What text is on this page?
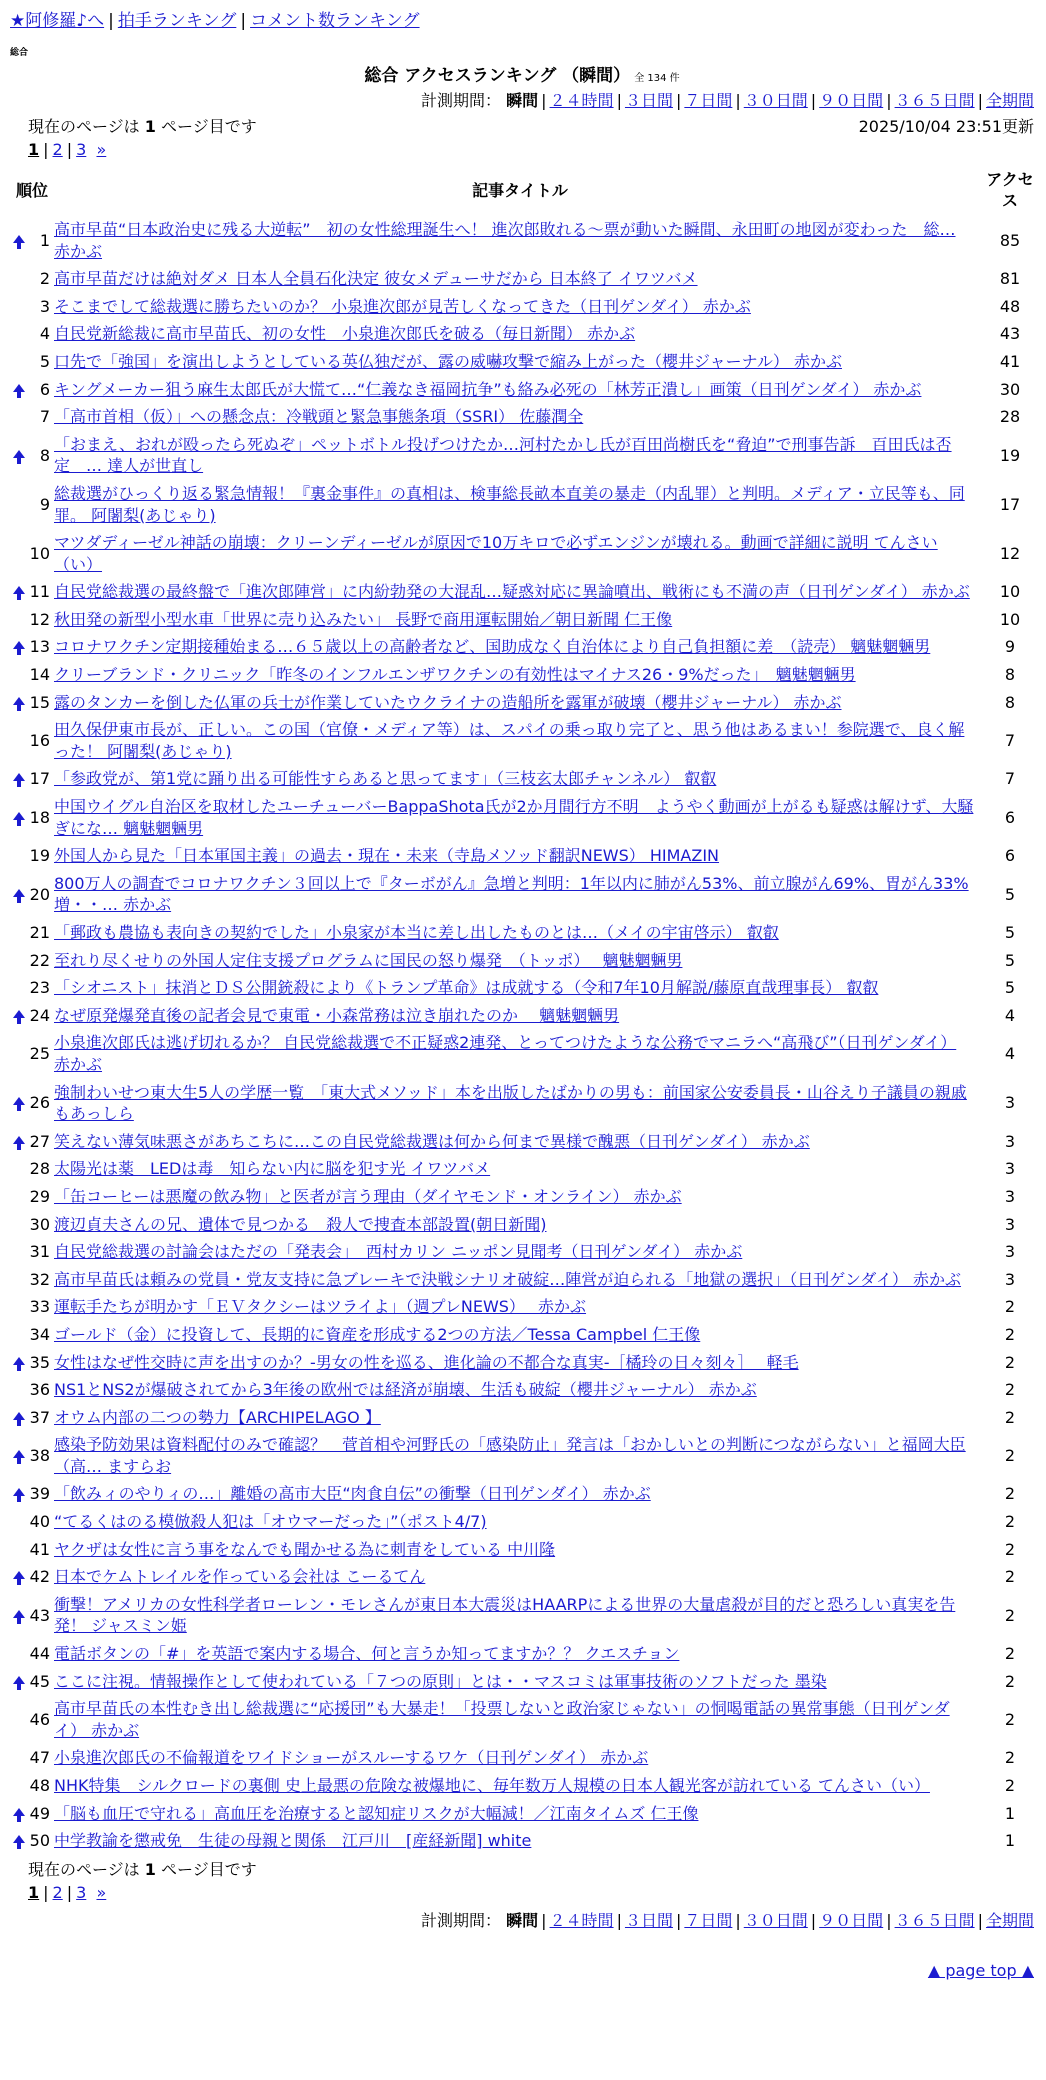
★阿修羅♪へ | 拍手ランキング | コメント数ランキング
総合
総合 アクセスランキング （瞬間） 全 134 件
計測期間： 瞬間 | ２４時間 | ３日間 | ７日間 | ３０日間 | ９０日間 | ３６５日間 | 全期間
現在のページは 1 ページ目です	2025/10/04 23:51更新
1 | 2 | 3 »
順位		記事タイトル	アクセス
	1	高市早苗“日本政治史に残る大逆転”　初の女性総理誕生へ！ 進次郎敗れる～票が動いた瞬間、永田町の地図が変わった　総… 赤かぶ	85
	2	高市早苗だけは絶対ダメ 日本人全員石化決定 彼女メデューサだから 日本終了 イワツバメ	81
	3	そこまでして総裁選に勝ちたいのか？ 小泉進次郎が見苦しくなってきた（日刊ゲンダイ） 赤かぶ	48
	4	自民党新総裁に高市早苗氏、初の女性　小泉進次郎氏を破る（毎日新聞） 赤かぶ	43
	5	口先で「強国」を演出しようとしている英仏独だが、露の威嚇攻撃で縮み上がった（櫻井ジャーナル） 赤かぶ	41
	6	キングメーカー狙う麻生太郎氏が大慌て…“仁義なき福岡抗争”も絡み必死の「林芳正潰し」画策（日刊ゲンダイ） 赤かぶ	30
	7	「高市首相（仮）」への懸念点：冷戦頭と緊急事態条項（SSRI） 佐藤潤全	28
	8	「おまえ、おれが殴ったら死ぬぞ」ペットボトル投げつけたか…河村たかし氏が百田尚樹氏を“脅迫”で刑事告訴　百田氏は否定　… 達人が世直し	19
	9	総裁選がひっくり返る緊急情報！『裏金事件』の真相は、検事総長畝本直美の暴走（内乱罪）と判明。メディア・立民等も、同罪。 阿闍梨(あじゃり)	17
	10	マツダディーゼル神話の崩壊：クリーンディーゼルが原因で10万キロで必ずエンジンが壊れる。動画で詳細に説明 てんさい（い）	12
	11	自民党総裁選の最終盤で「進次郎陣営」に内紛勃発の大混乱…疑惑対応に異論噴出、戦術にも不満の声（日刊ゲンダイ） 赤かぶ	10
	12	秋田発の新型小型水車「世界に売り込みたい」 長野で商用運転開始／朝日新聞 仁王像	10
	13	コロナワクチン定期接種始まる…６５歳以上の高齢者など、国助成なく自治体により自己負担額に差　（読売） 魑魅魍魎男	9
	14	クリーブランド・クリニック「昨冬のインフルエンザワクチンの有効性はマイナス26・9%だった」　魑魅魍魎男	8
	15	露のタンカーを倒した仏軍の兵士が作業していたウクライナの造船所を露軍が破壊（櫻井ジャーナル） 赤かぶ	8
	16	田久保伊東市長が、正しい。この国（官僚・メディア等）は、スパイの乗っ取り完了と、思う他はあるまい！参院選で、良く解った！ 阿闍梨(あじゃり)	7
	17	「参政党が、第1党に踊り出る可能性すらあると思ってます」（三枝玄太郎チャンネル） 叡叡	7
	18	中国ウイグル自治区を取材したユーチューバーBappaShota氏が2か月間行方不明　ようやく動画が上がるも疑惑は解けず、大騒ぎにな… 魑魅魍魎男	6
	19	外国人から見た「日本軍国主義」の過去・現在・未来（寺島メソッド翻訳NEWS） HIMAZIN	6
	20	800万人の調査でコロナワクチン３回以上で『ターボがん』急増と判明：1年以内に肺がん53%、前立腺がん69%、胃がん33%増・・… 赤かぶ	5
	21	「郵政も農協も表向きの契約でした」小泉家が本当に差し出したものとは…（メイの宇宙啓示） 叡叡	5
	22	至れり尽くせりの外国人定住支援プログラムに国民の怒り爆発　（トッポ）　 魑魅魍魎男	5
	23	「シオニスト」抹消とＤＳ公開銃殺により《トランプ革命》は成就する（令和7年10月解説/藤原直哉理事長） 叡叡	5
	24	なぜ原発爆発直後の記者会見で東電・小森常務は泣き崩れたのか　 魑魅魍魎男	4
	25	小泉進次郎氏は逃げ切れるか？ 自民党総裁選で不正疑惑2連発、とってつけたような公務でマニラへ“高飛び”（日刊ゲンダイ） 赤かぶ	4
	26	強制わいせつ東大生5人の学歴一覧　「東大式メソッド」本を出版したばかりの男も：前国家公安委員長・山谷えり子議員の親戚もあっしら	3
	27	笑えない薄気味悪さがあちこちに…この自民党総裁選は何から何まで異様で醜悪（日刊ゲンダイ） 赤かぶ	3
	28	太陽光は薬　LEDは毒　知らない内に脳を犯す光 イワツバメ	3
	29	「缶コーヒーは悪魔の飲み物」と医者が言う理由（ダイヤモンド・オンライン） 赤かぶ	3
	30	渡辺貞夫さんの兄、遺体で見つかる　殺人で捜査本部設置(朝日新聞)	3
	31	自民党総裁選の討論会はただの「発表会」　西村カリン ニッポン見聞考（日刊ゲンダイ） 赤かぶ	3
	32	高市早苗氏は頼みの党員・党友支持に急ブレーキで決戦シナリオ破綻…陣営が迫られる「地獄の選択」（日刊ゲンダイ） 赤かぶ	3
	33	運転手たちが明かす「ＥＶタクシーはツライよ」（週プレNEWS）　 赤かぶ	2
	34	ゴールド（金）に投資して、長期的に資産を形成する2つの方法／Tessa Campbel 仁王像	2
	35	女性はなぜ性交時に声を出すのか？-男女の性を巡る、進化論の不都合な真実-［橘玲の日々刻々］　 軽毛	2
	36	NS1とNS2が爆破されてから3年後の欧州では経済が崩壊、生活も破綻（櫻井ジャーナル） 赤かぶ	2
	37	オウム内部の二つの勢力【ARCHIPELAGO 】	2
	38	感染予防効果は資料配付のみで確認？　菅首相や河野氏の「感染防止」発言は「おかしいとの判断につながらない」と福岡大臣（高… ますらお	2
	39	「飲みィのやりィの…」離婚の高市大臣“肉食自伝”の衝撃（日刊ゲンダイ） 赤かぶ	2
	40	“てるくはのる模倣殺人犯は「オウマーだった」”（ポスト4/7)	2
	41	ヤクザは女性に言う事をなんでも聞かせる為に刺青をしている 中川隆	2
	42	日本でケムトレイルを作っている会社は こーるてん	2
	43	衝撃！アメリカの女性科学者ローレン・モレさんが東日本大震災はHAARPによる世界の大量虐殺が目的だと恐ろしい真実を告発！ ジャスミン姫	2
	44	電話ボタンの「#」を英語で案内する場合、何と言うか知ってますか？？ クエスチョン	2
	45	ここに注視。情報操作として使われている「７つの原則」とは・・マスコミは軍事技術のソフトだった 墨染	2
	46	高市早苗氏の本性むき出し総裁選に“応援団”も大暴走！「投票しないと政治家じゃない」の恫喝電話の異常事態（日刊ゲンダイ） 赤かぶ	2
	47	小泉進次郎氏の不倫報道をワイドショーがスルーするワケ（日刊ゲンダイ） 赤かぶ	2
	48	NHK特集　シルクロードの裏側 史上最悪の危険な被爆地に、毎年数万人規模の日本人観光客が訪れている てんさい（い）	2
	49	「脳も血圧で守れる」高血圧を治療すると認知症リスクが大幅減！／江南タイムズ 仁王像	1
	50	中学教諭を懲戒免　生徒の母親と関係　江戸川　[産経新聞] white	1
現在のページは 1 ページ目です
1 | 2 | 3 »
計測期間： 瞬間 | ２４時間 | ３日間 | ７日間 | ３０日間 | ９０日間 | ３６５日間 | 全期間
▲ page top ▲
